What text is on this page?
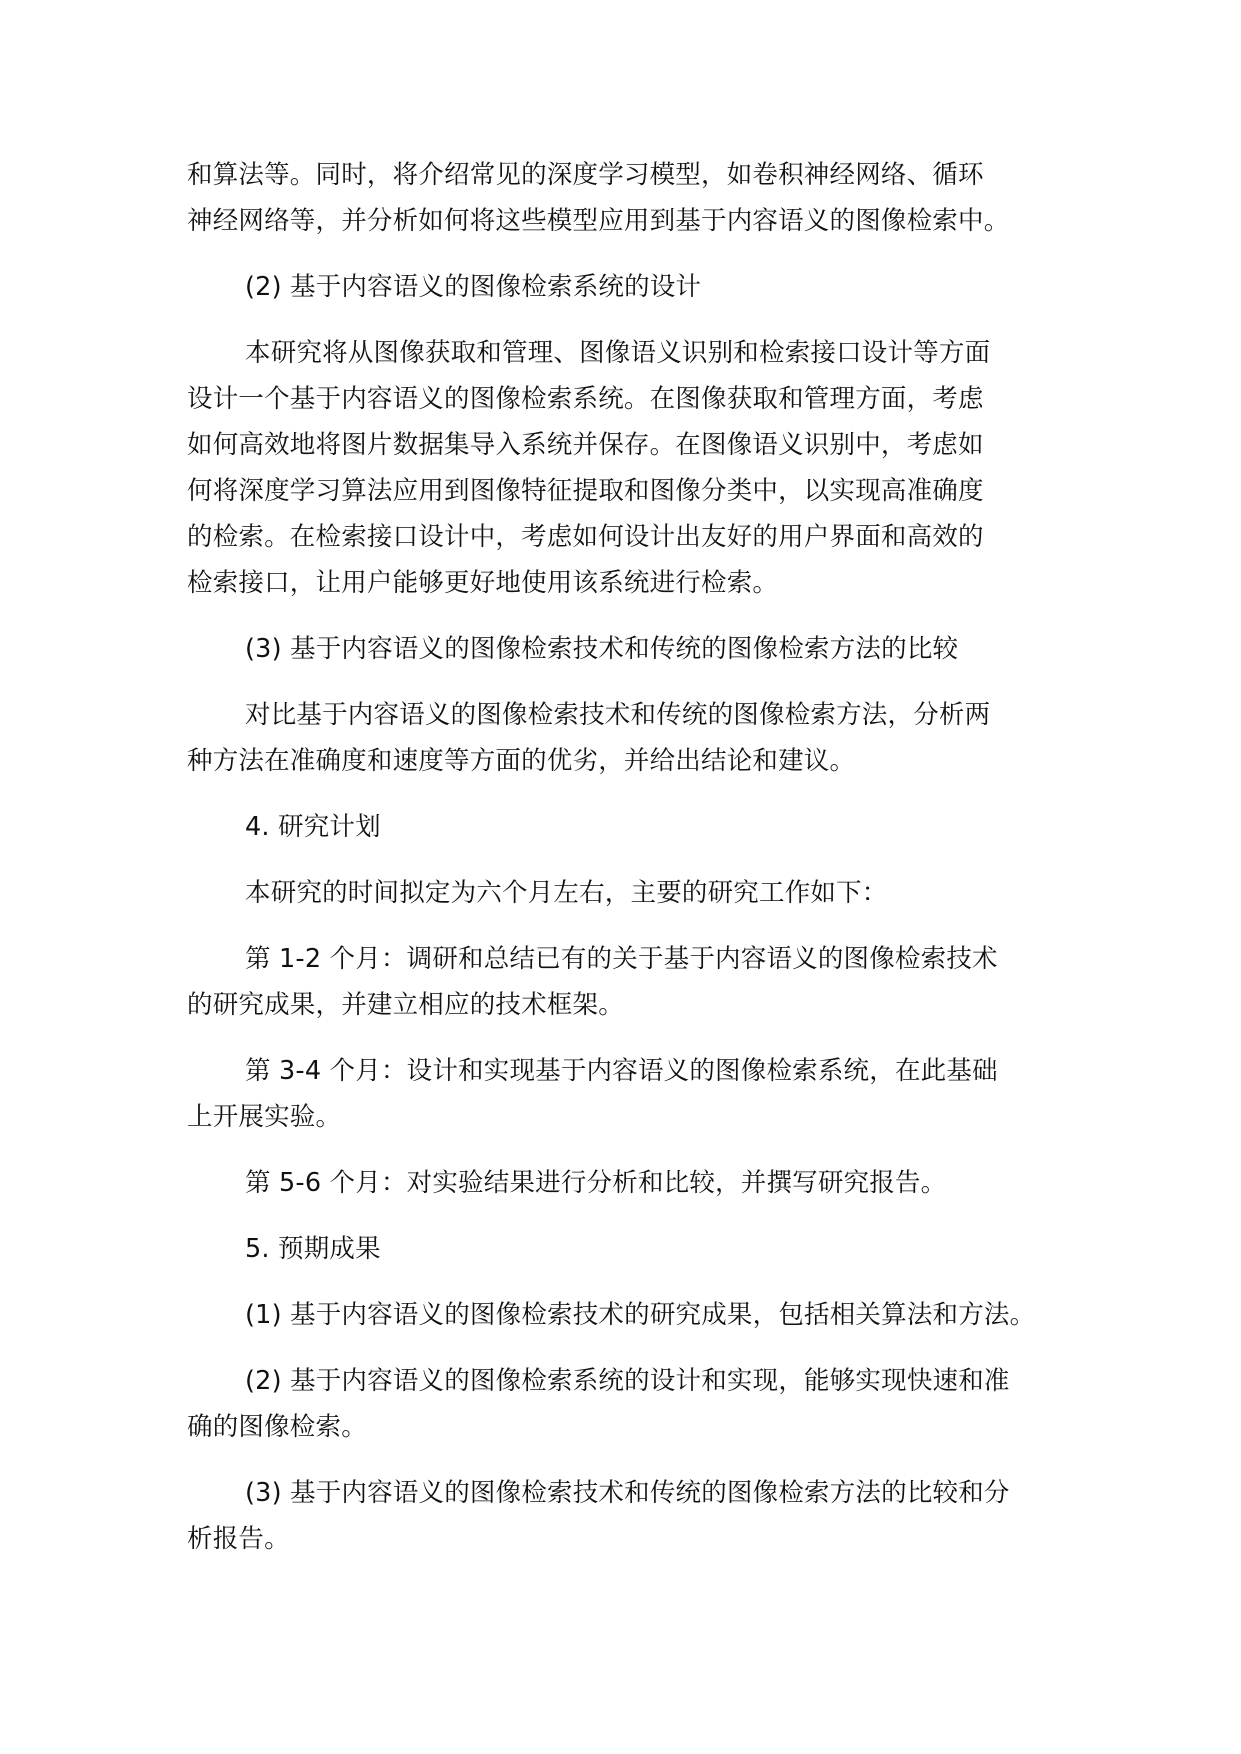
和算法等。同时，将介绍常见的深度学习模型，如卷积神经网络、循环
神经网络等，并分析如何将这些模型应用到基于内容语义的图像检索中。
(2) 基于内容语义的图像检索系统的设计
本研究将从图像获取和管理、图像语义识别和检索接口设计等方面
设计一个基于内容语义的图像检索系统。在图像获取和管理方面，考虑
如何高效地将图片数据集导入系统并保存。在图像语义识别中，考虑如
何将深度学习算法应用到图像特征提取和图像分类中，以实现高准确度
的检索。在检索接口设计中，考虑如何设计出友好的用户界面和高效的
检索接口，让用户能够更好地使用该系统进行检索。
(3) 基于内容语义的图像检索技术和传统的图像检索方法的比较
对比基于内容语义的图像检索技术和传统的图像检索方法，分析两
种方法在准确度和速度等方面的优劣，并给出结论和建议。
4. 研究计划
本研究的时间拟定为六个月左右，主要的研究工作如下：
第 1-2 个月：调研和总结已有的关于基于内容语义的图像检索技术
的研究成果，并建立相应的技术框架。
第 3-4 个月：设计和实现基于内容语义的图像检索系统，在此基础
上开展实验。
第 5-6 个月：对实验结果进行分析和比较，并撰写研究报告。
5. 预期成果
(1) 基于内容语义的图像检索技术的研究成果，包括相关算法和方法。
(2) 基于内容语义的图像检索系统的设计和实现，能够实现快速和准
确的图像检索。
(3) 基于内容语义的图像检索技术和传统的图像检索方法的比较和分
析报告。
